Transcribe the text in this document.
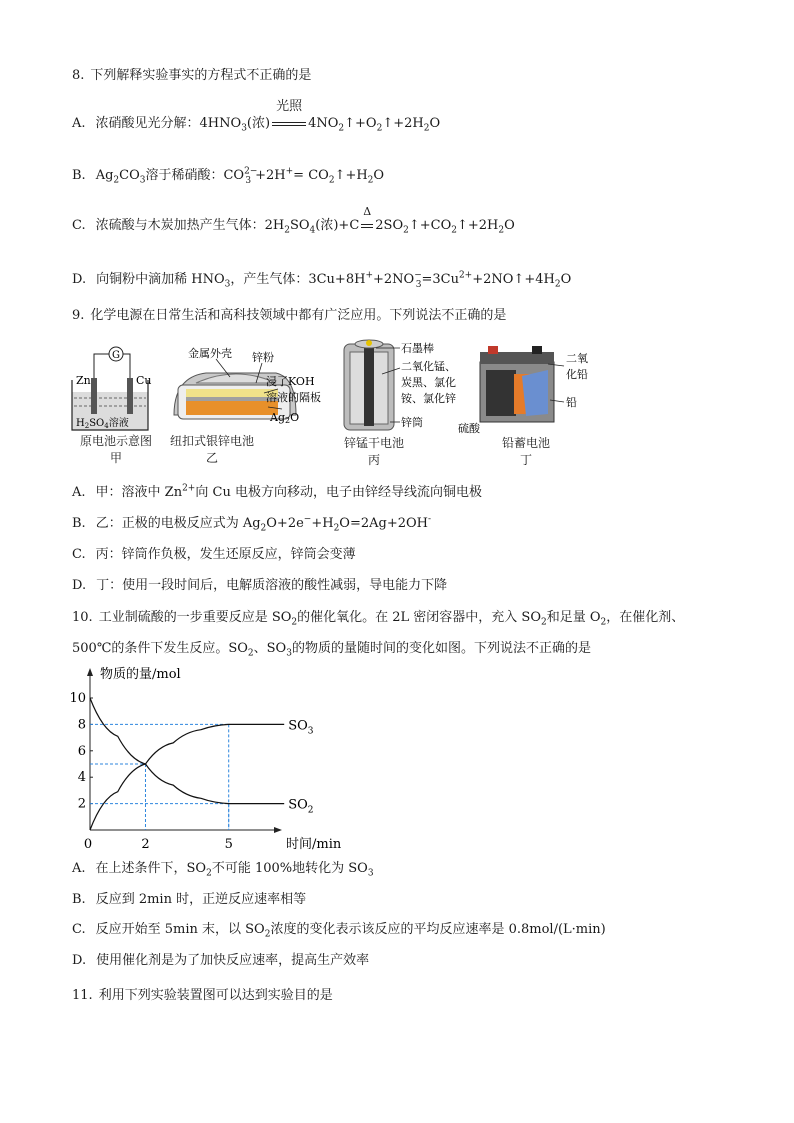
8. 下列解释实验事实的方程式不正确的是
A. 浓硝酸见光分解：$4HNO_3$(浓)
光照
$4NO_2↑+O_2↑+2H_2O$
B. $Ag_2CO_3$溶于稀硝酸：$CO^{2-}_3 +2H^+=$ $CO_2↑+H_2O$
C. 浓硫酸与木炭加热产生气体：$2H_2SO_4$(浓)+C
Δ
$2SO_2↑+CO_2↑+2H_2O$
D. 向铜粉中滴加稀 $HNO_3$，产生气体：$3Cu+8H^++2NO^-_3=3Cu^{2+}+2NO↑+4H_2O$
9. 化学电源在日常生活和高科技领域中都有广泛应用。下列说法不正确的是
G
Zn	Cu
$H_2SO_4$溶液
原电池示意图
甲
金属外壳 锌粉
浸了KOH
溶液的隔板
Ag2O
纽扣式银锌电池
乙
石墨棒
二氧化锰、
炭黑、氯化
铵、氯化锌
锌筒
锌锰干电池
丙
二氧
化铅
铅
硫酸
铅蓄电池
丁
A. 甲：溶液中 $Zn^{2+}$向 Cu 电极方向移动，电子由锌经导线流向铜电极
B. 乙：正极的电极反应式为 $Ag_2O+2e^-+H_2O=2Ag+2OH^-$
C. 丙：锌筒作负极，发生还原反应，锌筒会变薄
D. 丁：使用一段时间后，电解质溶液的酸性减弱，导电能力下降
10. 工业制硫酸的一步重要反应是 $SO_2$的催化氧化。在 2L 密闭容器中，充入 $SO_2$和足量 $O_2$，在催化剂、
500℃的条件下发生反应。$SO_2$、$SO_3$的物质的量随时间的变化如图。下列说法不正确的是
10
8
6
4
2
0	2	5
物质的量/mol
时间/min
$SO_3$
$SO_2$
A. 在上述条件下，$SO_2$不可能 100%地转化为 $SO_3$
B. 反应到 2min 时，正逆反应速率相等
C. 反应开始至 5min 末，以 $SO_2$浓度的变化表示该反应的平均反应速率是 0.8mol/(L·min)
D. 使用催化剂是为了加快反应速率，提高生产效率
11. 利用下列实验装置图可以达到实验目的是
